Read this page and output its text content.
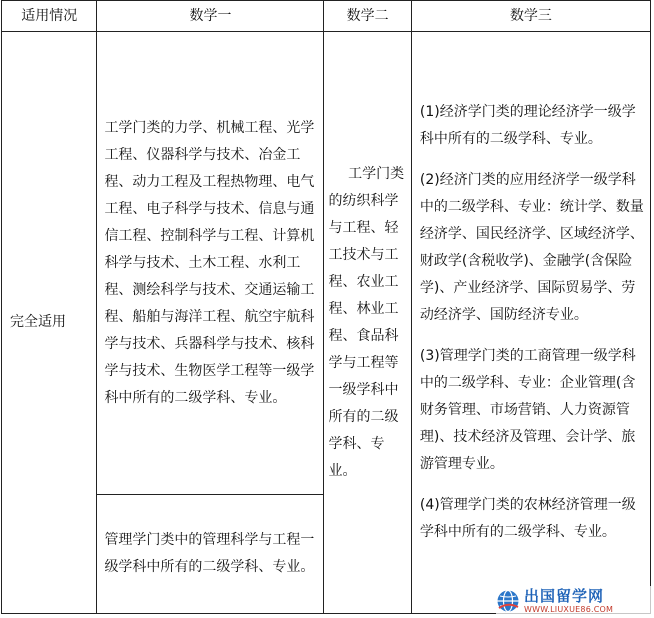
适用情况	数学一	数学二	数学三

完全适用	工学门类的力学、机械工程、光学工程、仪器科学与技术、冶金工程、动力工程及工程热物理、电气工程、电子科学与技术、信息与通信工程、控制科学与工程、计算机科学与技术、土木工程、水利工程、测绘科学与技术、交通运输工程、船舶与海洋工程、航空宇航科学与技术、兵器科学与技术、核科学与技术、生物医学工程等一级学科中所有的二级学科、专业。	工学门类的纺织科学与工程、轻工技术与工程、农业工程、林业工程、食品科学与工程等一级学科中所有的二级学科、专业。	(1)经济学门类的理论经济学一级学科中所有的二级学科、专业。

(2)经济门类的应用经济学一级学科中的二级学科、专业：统计学、数量经济学、国民经济学、区域经济学、财政学(含税收学)、金融学(含保险学)、产业经济学、国际贸易学、劳动经济学、国防经济专业。

(3)管理学门类的工商管理一级学科中的二级学科、专业：企业管理(含财务管理、市场营销、人力资源管理)、技术经济及管理、会计学、旅游管理专业。

(4)管理学门类的农林经济管理一级学科中所有的二级学科、专业。

	管理学门类中的管理科学与工程一级学科中所有的二级学科、专业。		
出国留学网
WWW.LIUXUE86.COM
